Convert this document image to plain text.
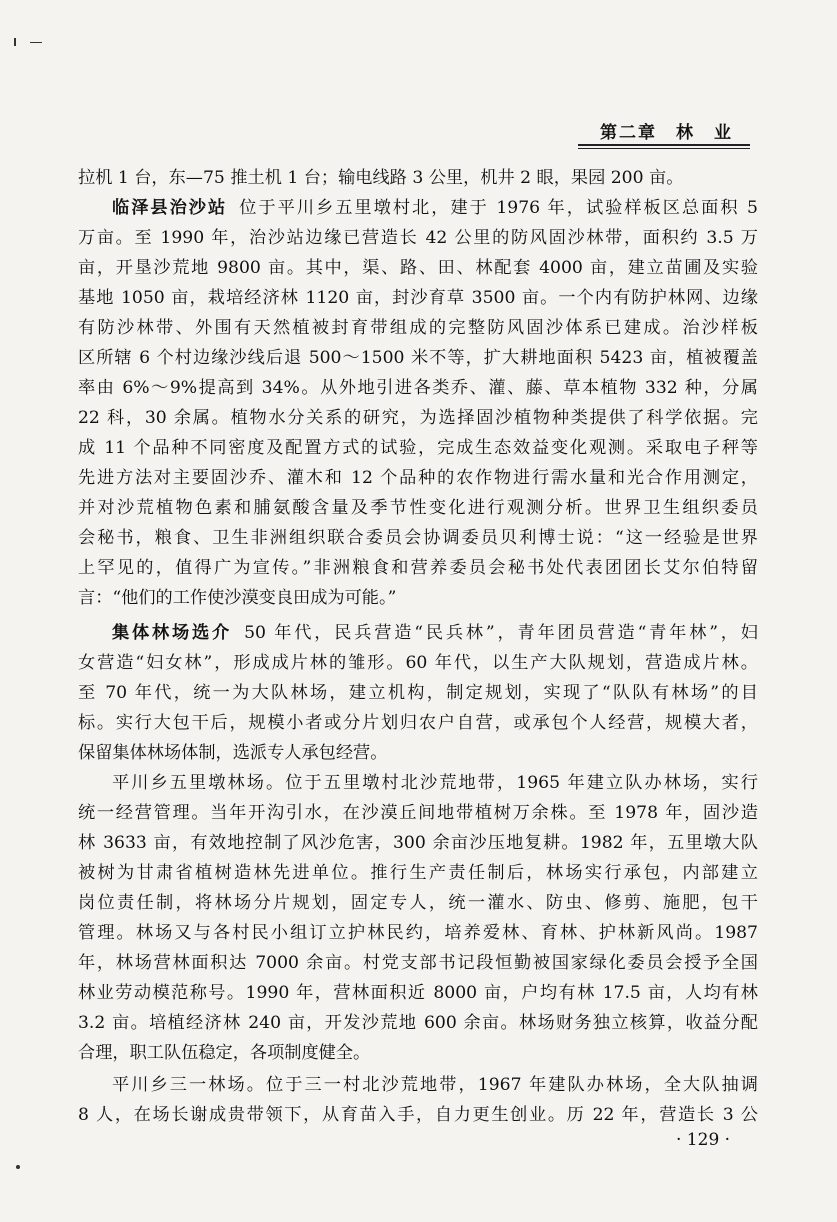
第二章　林　业
拉机 1 台，东—75 推土机 1 台；输电线路 3 公里，机井 2 眼，果园 200 亩。
临泽县治沙站 位于平川乡五里墩村北，建于 1976 年，试验样板区总面积 5
万亩。至 1990 年，治沙站边缘已营造长 42 公里的防风固沙林带，面积约 3.5 万
亩，开垦沙荒地 9800 亩。其中，渠、路、田、林配套 4000 亩，建立苗圃及实验
基地 1050 亩，栽培经济林 1120 亩，封沙育草 3500 亩。一个内有防护林网、边缘
有防沙林带、外围有天然植被封育带组成的完整防风固沙体系已建成。治沙样板
区所辖 6 个村边缘沙线后退 500～1500 米不等，扩大耕地面积 5423 亩，植被覆盖
率由 6%～9%提高到 34%。从外地引进各类乔、灌、藤、草本植物 332 种，分属
22 科，30 余属。植物水分关系的研究，为选择固沙植物种类提供了科学依据。完
成 11 个品种不同密度及配置方式的试验，完成生态效益变化观测。采取电子秤等
先进方法对主要固沙乔、灌木和 12 个品种的农作物进行需水量和光合作用测定，
并对沙荒植物色素和脯氨酸含量及季节性变化进行观测分析。世界卫生组织委员
会秘书，粮食、卫生非洲组织联合委员会协调委员贝利博士说：“这一经验是世界
上罕见的，值得广为宣传。”非洲粮食和营养委员会秘书处代表团团长艾尔伯特留
言：“他们的工作使沙漠变良田成为可能。”
集体林场选介 50 年代，民兵营造“民兵林”，青年团员营造“青年林”，妇
女营造“妇女林”，形成成片林的雏形。60 年代，以生产大队规划，营造成片林。
至 70 年代，统一为大队林场，建立机构，制定规划，实现了“队队有林场”的目
标。实行大包干后，规模小者或分片划归农户自营，或承包个人经营，规模大者，
保留集体林场体制，选派专人承包经营。
平川乡五里墩林场。位于五里墩村北沙荒地带，1965 年建立队办林场，实行
统一经营管理。当年开沟引水，在沙漠丘间地带植树万余株。至 1978 年，固沙造
林 3633 亩，有效地控制了风沙危害，300 余亩沙压地复耕。1982 年，五里墩大队
被树为甘肃省植树造林先进单位。推行生产责任制后，林场实行承包，内部建立
岗位责任制，将林场分片规划，固定专人，统一灌水、防虫、修剪、施肥，包干
管理。林场又与各村民小组订立护林民约，培养爱林、育林、护林新风尚。1987
年，林场营林面积达 7000 余亩。村党支部书记段恒勤被国家绿化委员会授予全国
林业劳动模范称号。1990 年，营林面积近 8000 亩，户均有林 17.5 亩，人均有林
3.2 亩。培植经济林 240 亩，开发沙荒地 600 余亩。林场财务独立核算，收益分配
合理，职工队伍稳定，各项制度健全。
平川乡三一林场。位于三一村北沙荒地带，1967 年建队办林场，全大队抽调
8 人，在场长谢成贵带领下，从育苗入手，自力更生创业。历 22 年，营造长 3 公
· 129 ·
